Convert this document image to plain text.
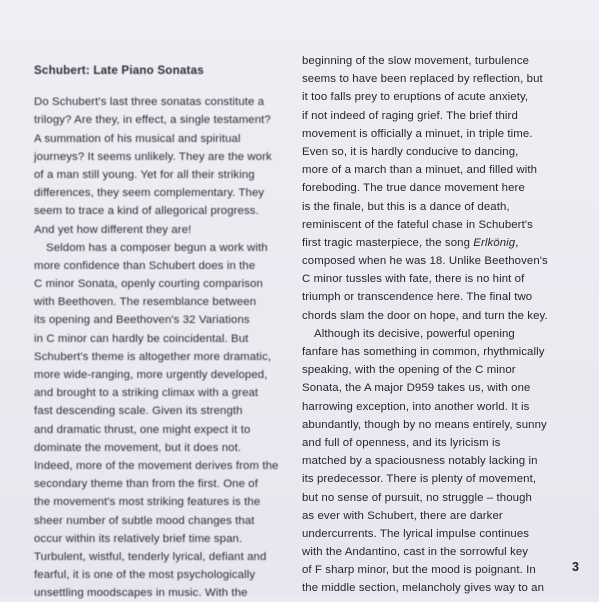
Schubert: Late Piano Sonatas
Do Schubert's last three sonatas constitute a
trilogy? Are they, in effect, a single testament?
A summation of his musical and spiritual
journeys? It seems unlikely. They are the work
of a man still young. Yet for all their striking
differences, they seem complementary. They
seem to trace a kind of allegorical progress.
And yet how different they are!
Seldom has a composer begun a work with
more confidence than Schubert does in the
C minor Sonata, openly courting comparison
with Beethoven. The resemblance between
its opening and Beethoven's 32 Variations
in C minor can hardly be coincidental. But
Schubert's theme is altogether more dramatic,
more wide-ranging, more urgently developed,
and brought to a striking climax with a great
fast descending scale. Given its strength
and dramatic thrust, one might expect it to
dominate the movement, but it does not.
Indeed, more of the movement derives from the
secondary theme than from the first. One of
the movement's most striking features is the
sheer number of subtle mood changes that
occur within its relatively brief time span.
Turbulent, wistful, tenderly lyrical, defiant and
fearful, it is one of the most psychologically
unsettling moodscapes in music. With the
beginning of the slow movement, turbulence
seems to have been replaced by reflection, but
it too falls prey to eruptions of acute anxiety,
if not indeed of raging grief. The brief third
movement is officially a minuet, in triple time.
Even so, it is hardly conducive to dancing,
more of a march than a minuet, and filled with
foreboding. The true dance movement here
is the finale, but this is a dance of death,
reminiscent of the fateful chase in Schubert's
first tragic masterpiece, the song Erlkönig,
composed when he was 18. Unlike Beethoven's
C minor tussles with fate, there is no hint of
triumph or transcendence here. The final two
chords slam the door on hope, and turn the key.
Although its decisive, powerful opening
fanfare has something in common, rhythmically
speaking, with the opening of the C minor
Sonata, the A major D959 takes us, with one
harrowing exception, into another world. It is
abundantly, though by no means entirely, sunny
and full of openness, and its lyricism is
matched by a spaciousness notably lacking in
its predecessor. There is plenty of movement,
but no sense of pursuit, no struggle – though
as ever with Schubert, there are darker
undercurrents. The lyrical impulse continues
with the Andantino, cast in the sorrowful key
of F sharp minor, but the mood is poignant. In
the middle section, melancholy gives way to an
3
